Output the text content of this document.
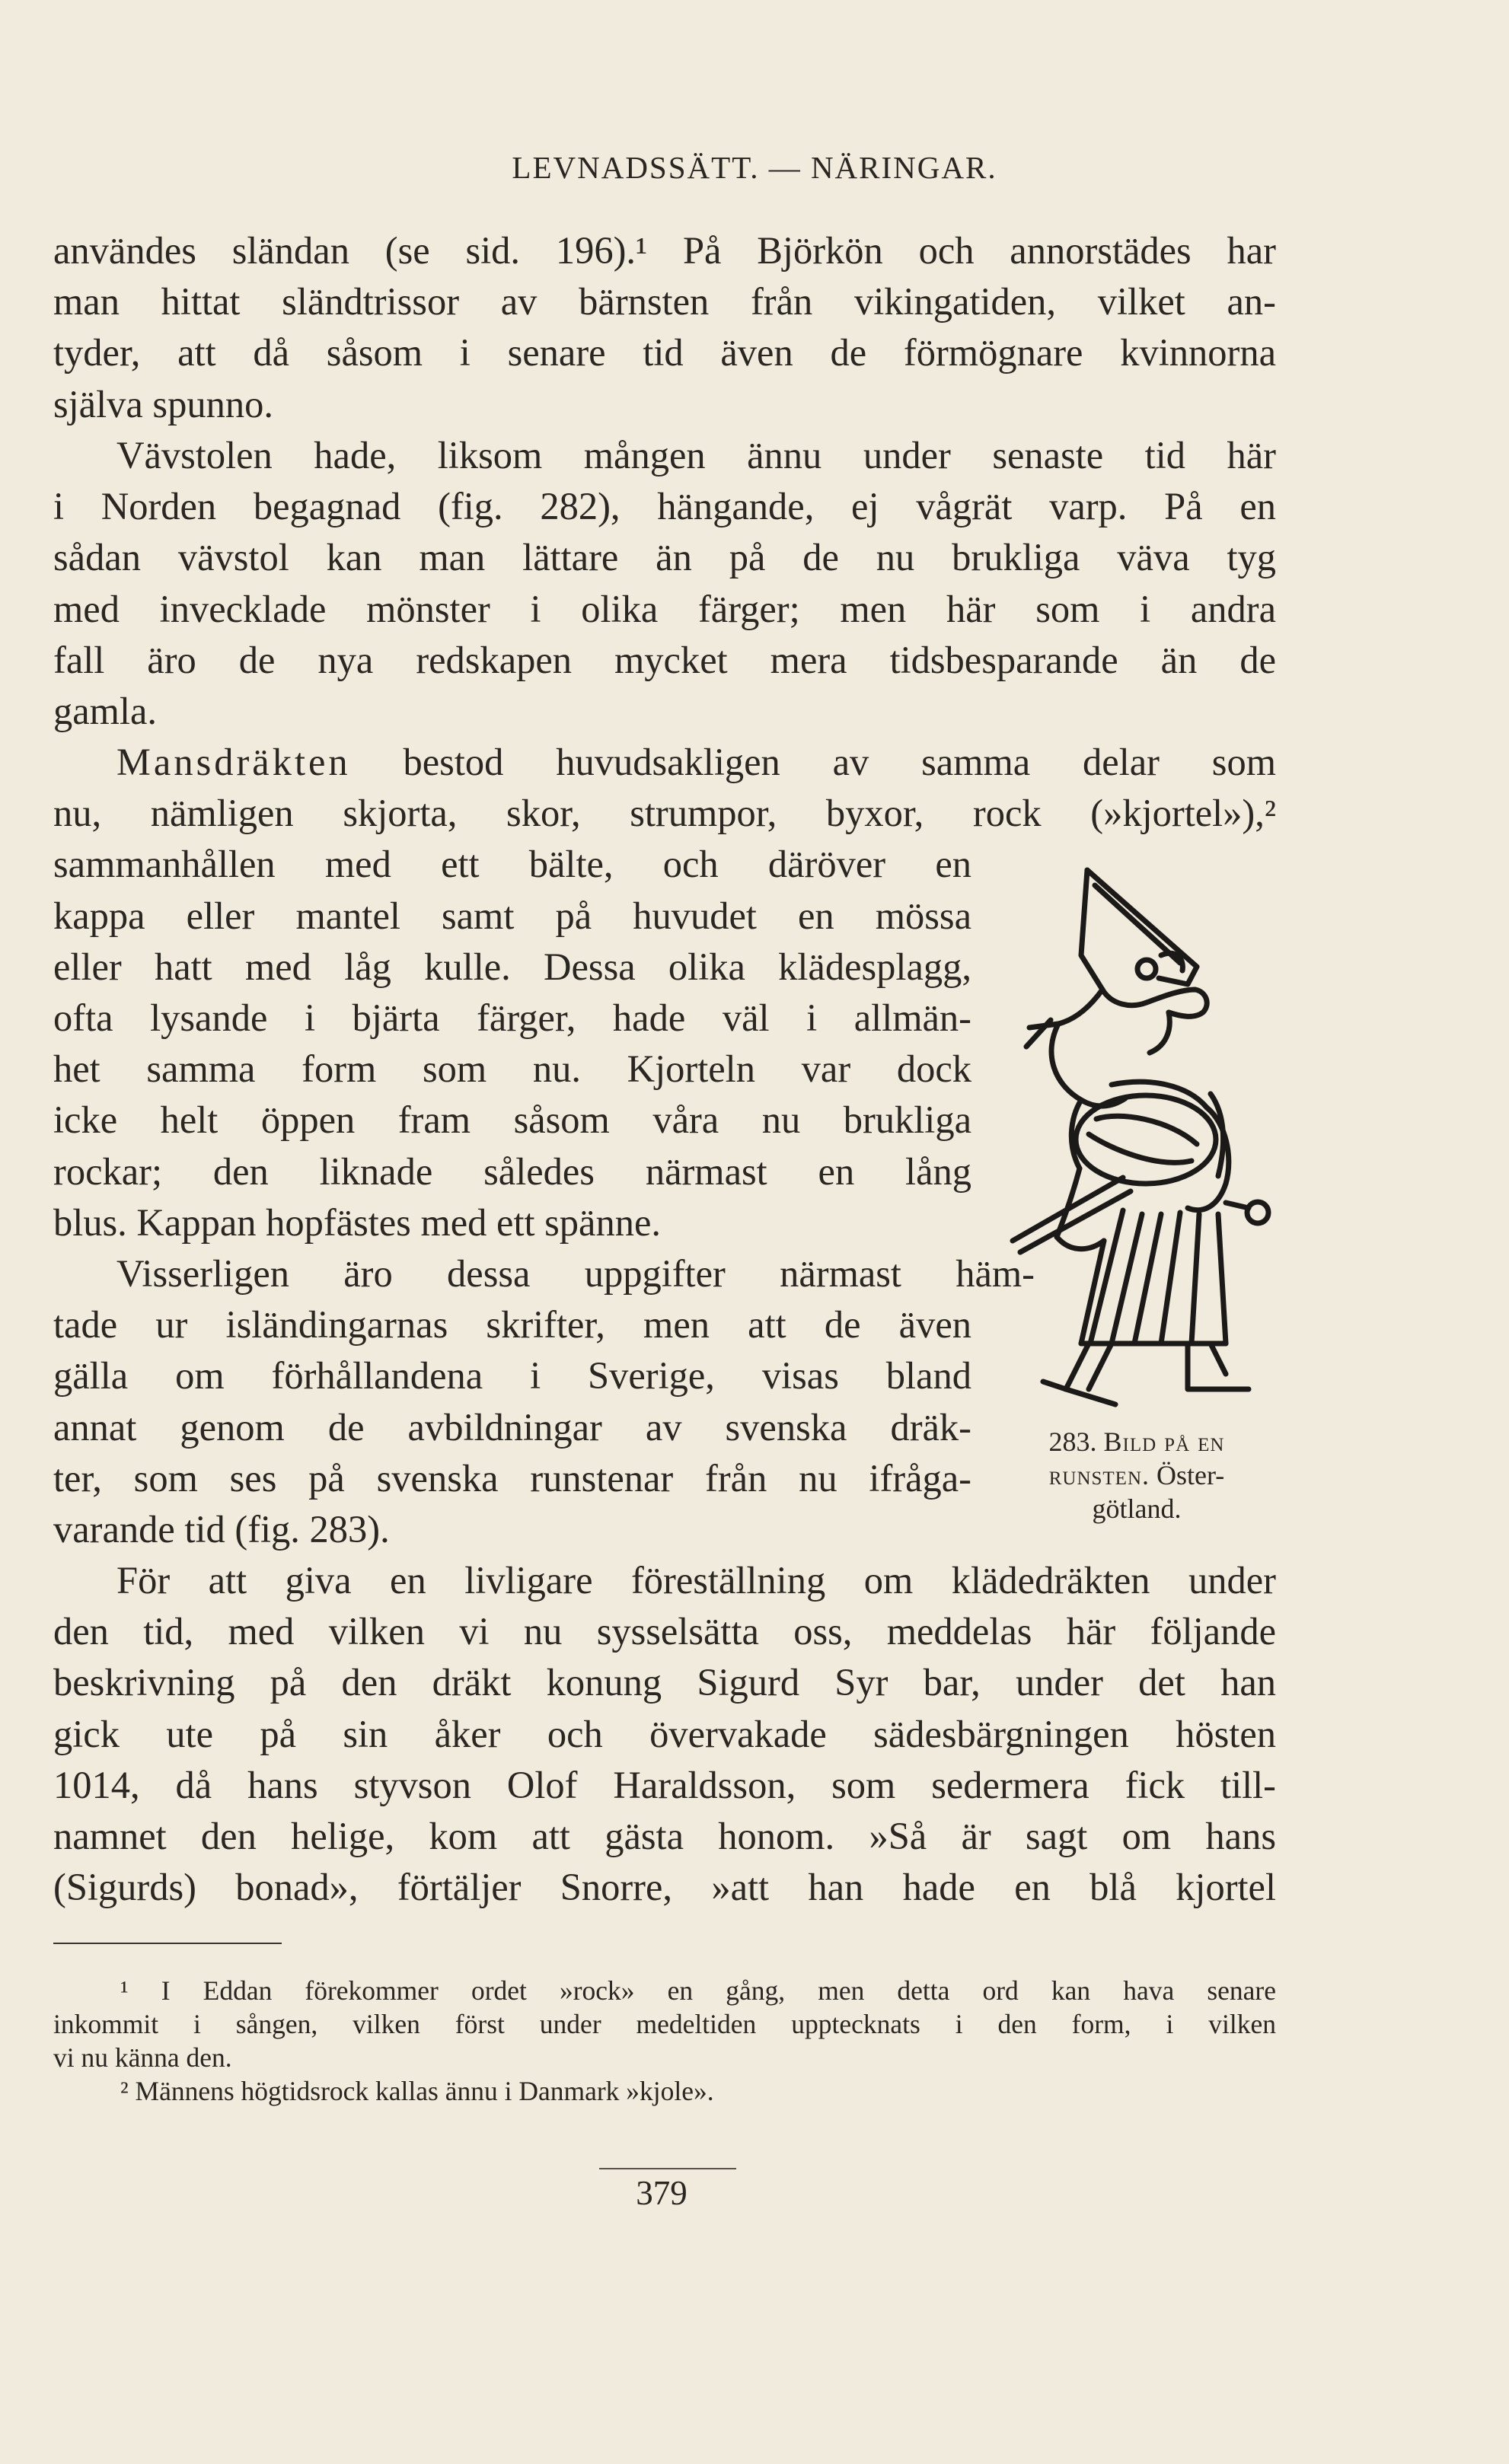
LEVNADSSÄTT. — NÄRINGAR.
användes sländan (se sid. 196).¹ På Björkön och annorstädes har
man hittat sländtrissor av bärnsten från vikingatiden, vilket an-
tyder, att då såsom i senare tid även de förmögnare kvinnorna
själva spunno.
Vävstolen hade, liksom mången ännu under senaste tid här
i Norden begagnad (fig. 282), hängande, ej vågrät varp. På en
sådan vävstol kan man lättare än på de nu brukliga väva tyg
med invecklade mönster i olika färger; men här som i andra
fall äro de nya redskapen mycket mera tidsbesparande än de
gamla.
Mansdräkten bestod huvudsakligen av samma delar som
nu, nämligen skjorta, skor, strumpor, byxor, rock (»kjortel»),²
sammanhållen med ett bälte, och däröver en
kappa eller mantel samt på huvudet en mössa
eller hatt med låg kulle. Dessa olika klädesplagg,
ofta lysande i bjärta färger, hade väl i allmän-
het samma form som nu. Kjorteln var dock
icke helt öppen fram såsom våra nu brukliga
rockar; den liknade således närmast en lång
blus. Kappan hopfästes med ett spänne.
Visserligen äro dessa uppgifter närmast häm-
tade ur isländingarnas skrifter, men att de även
gälla om förhållandena i Sverige, visas bland
annat genom de avbildningar av svenska dräk-
ter, som ses på svenska runstenar från nu ifråga-
varande tid (fig. 283).
För att giva en livligare föreställning om klädedräkten under
den tid, med vilken vi nu sysselsätta oss, meddelas här följande
beskrivning på den dräkt konung Sigurd Syr bar, under det han
gick ute på sin åker och övervakade sädesbärgningen hösten
1014, då hans styvson Olof Haraldsson, som sedermera fick till-
namnet den helige, kom att gästa honom. »Så är sagt om hans
(Sigurds) bonad», förtäljer Snorre, »att han hade en blå kjortel
283. Bild på en
runsten. Öster-
götland.
¹ I Eddan förekommer ordet »rock» en gång, men detta ord kan hava senare
inkommit i sången, vilken först under medeltiden upptecknats i den form, i vilken
vi nu känna den.
² Männens högtidsrock kallas ännu i Danmark »kjole».
379
